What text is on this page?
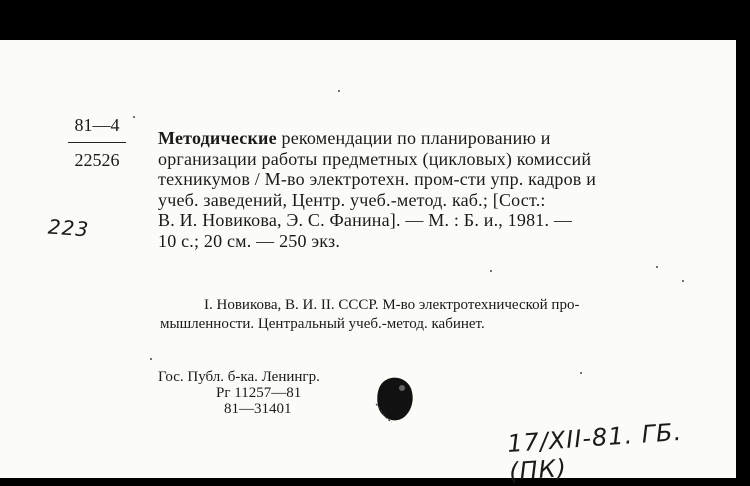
81—4
22526
223
Методические рекомендации по планированию и
организации работы предметных (цикловых) комиссий
техникумов / М-во электротехн. пром-сти упр. кадров и
учеб. заведений, Центр. учеб.-метод. каб.; [Сост.:
В. И. Новикова, Э. С. Фанина]. — М. : Б. и., 1981. —
10 с.; 20 см. — 250 экз.
I. Новикова, В. И. II. СССР. М-во электротехнической про-
мышленности. Центральный учеб.-метод. кабинет.
Гос. Публ. б-ка. Ленингр.
Рг 11257—81
81—31401
17/XII-81. ГБ. (ПК)
